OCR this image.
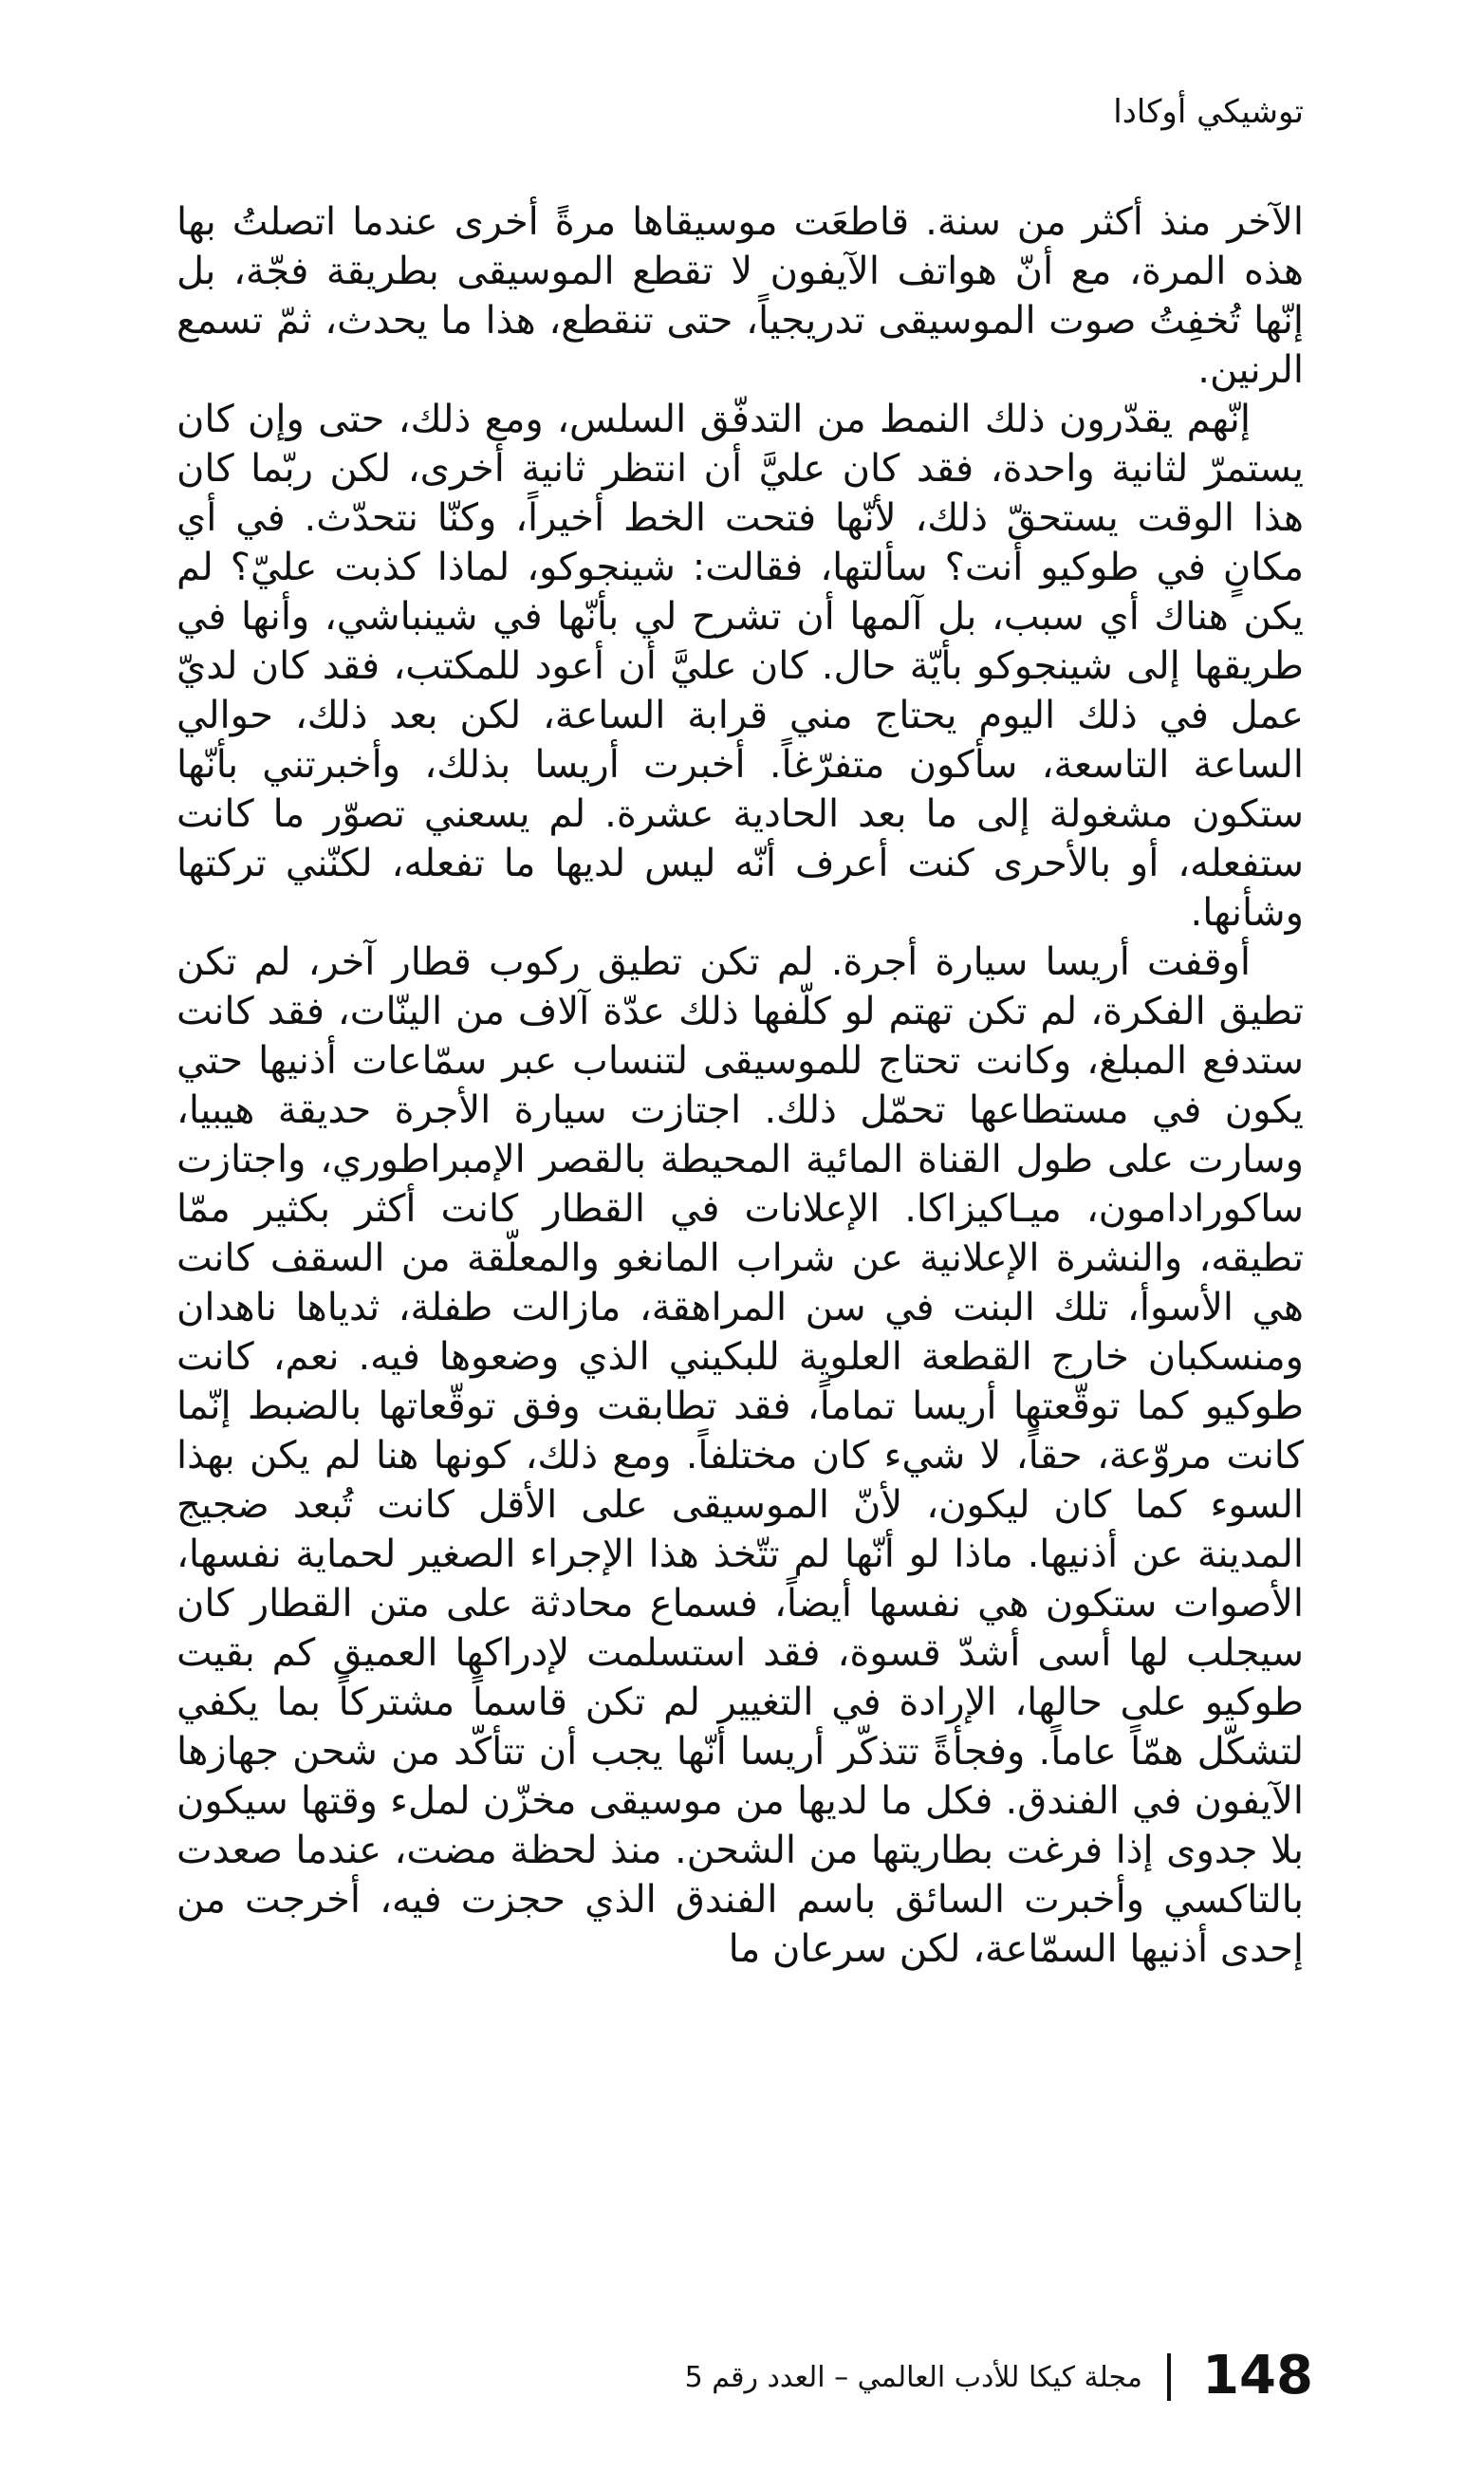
توشيكي أوكادا

الآخر منذ أكثر من سنة. قاطعَت موسيقاها مرةً أخرى عندما اتصلتُ بها هذه المرة، مع أنّ هواتف الآيفون لا تقطع الموسيقى بطريقة فجّة، بل إنّها تُخفِتُ صوت الموسيقى تدريجياً، حتى تنقطع، هذا ما يحدث، ثمّ تسمع الرنين.

إنّهم يقدّرون ذلك النمط من التدفّق السلس، ومع ذلك، حتى وإن كان يستمرّ لثانية واحدة، فقد كان عليَّ أن انتظر ثانية أخرى، لكن ربّما كان هذا الوقت يستحقّ ذلك، لأنّها فتحت الخط أخيراً، وكنّا نتحدّث. في أي مكانٍ في طوكيو أنت؟ سألتها، فقالت: شينجوكو، لماذا كذبت عليّ؟ لم يكن هناك أي سبب، بل آلمها أن تشرح لي بأنّها في شينباشي، وأنها في طريقها إلى شينجوكو بأيّة حال. كان عليَّ أن أعود للمكتب، فقد كان لديّ عمل في ذلك اليوم يحتاج مني قرابة الساعة، لكن بعد ذلك، حوالي الساعة التاسعة، سأكون متفرّغاً. أخبرت أريسا بذلك، وأخبرتني بأنّها ستكون مشغولة إلى ما بعد الحادية عشرة. لم يسعني تصوّر ما كانت ستفعله، أو بالأحرى كنت أعرف أنّه ليس لديها ما تفعله، لكنّني تركتها وشأنها.

أوقفت أريسا سيارة أجرة. لم تكن تطيق ركوب قطار آخر، لم تكن تطيق الفكرة، لم تكن تهتم لو كلّفها ذلك عدّة آلاف من الينّات، فقد كانت ستدفع المبلغ، وكانت تحتاج للموسيقى لتنساب عبر سمّاعات أذنيها حتي يكون في مستطاعها تحمّل ذلك. اجتازت سيارة الأجرة حديقة هيبيا، وسارت على طول القناة المائية المحيطة بالقصر الإمبراطوري، واجتازت ساكورادامون، ميـاكيزاكا. الإعلانات في القطار كانت أكثر بكثير ممّا تطيقه، والنشرة الإعلانية عن شراب المانغو والمعلّقة من السقف كانت هي الأسوأ، تلك البنت في سن المراهقة، مازالت طفلة، ثدياها ناهدان ومنسكبان خارج القطعة العلوية للبكيني الذي وضعوها فيه. نعم، كانت طوكيو كما توقّعتها أريسا تماماً، فقد تطابقت وفق توقّعاتها بالضبط إنّما كانت مروّعة، حقاً، لا شيء كان مختلفاً. ومع ذلك، كونها هنا لم يكن بهذا السوء كما كان ليكون، لأنّ الموسيقى على الأقل كانت تُبعد ضجيج المدينة عن أذنيها. ماذا لو أنّها لم تتّخذ هذا الإجراء الصغير لحماية نفسها، الأصوات ستكون هي نفسها أيضاً، فسماع محادثة على متن القطار كان سيجلب لها أسى أشدّ قسوة، فقد استسلمت لإدراكها العميق كم بقيت طوكيو على حالها، الإرادة في التغيير لم تكن قاسماً مشتركاً بما يكفي لتشكّل همّاً عاماً. وفجأةً تتذكّر أريسا أنّها يجب أن تتأكّد من شحن جهازها الآيفون في الفندق. فكل ما لديها من موسيقى مخزّن لملء وقتها سيكون بلا جدوى إذا فرغت بطاريتها من الشحن. منذ لحظة مضت، عندما صعدت بالتاكسي وأخبرت السائق باسم الفندق الذي حجزت فيه، أخرجت من إحدى أذنيها السمّاعة، لكن سرعان ما

148
مجلة كيكا للأدب العالمي – العدد رقم 5
